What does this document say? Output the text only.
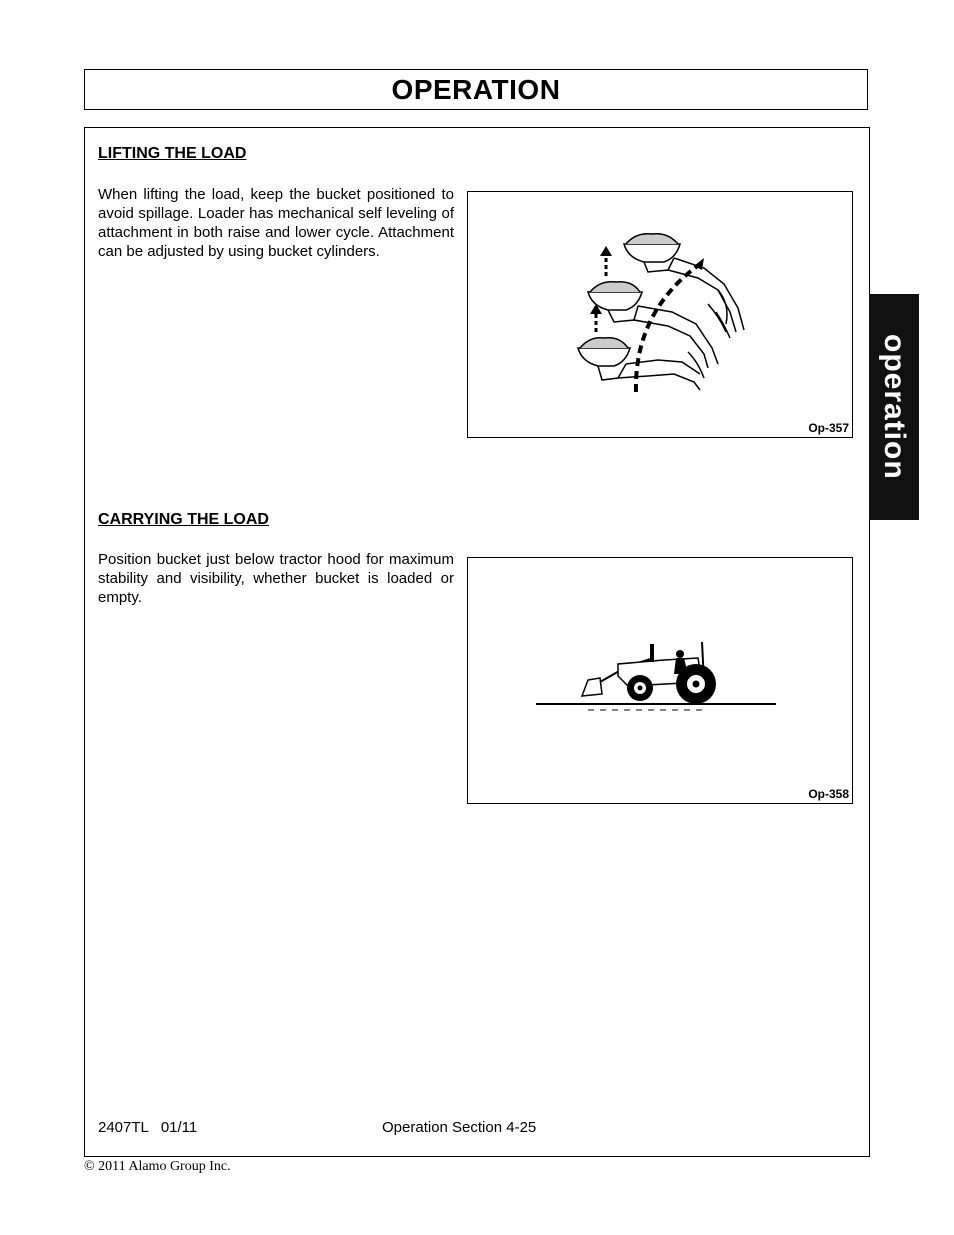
OPERATION
LIFTING THE LOAD

When lifting the load, keep the bucket positioned to avoid spillage. Loader has mechanical self leveling of attachment in both raise and lower cycle. Attachment can be adjusted by using bucket cylinders.

Op-357
CARRYING THE LOAD

Position bucket just below tractor hood for maximum stability and visibility, whether bucket is loaded or empty.

Op-358
operation
2407TL   01/11	Operation Section 4-25
© 2011 Alamo Group Inc.
